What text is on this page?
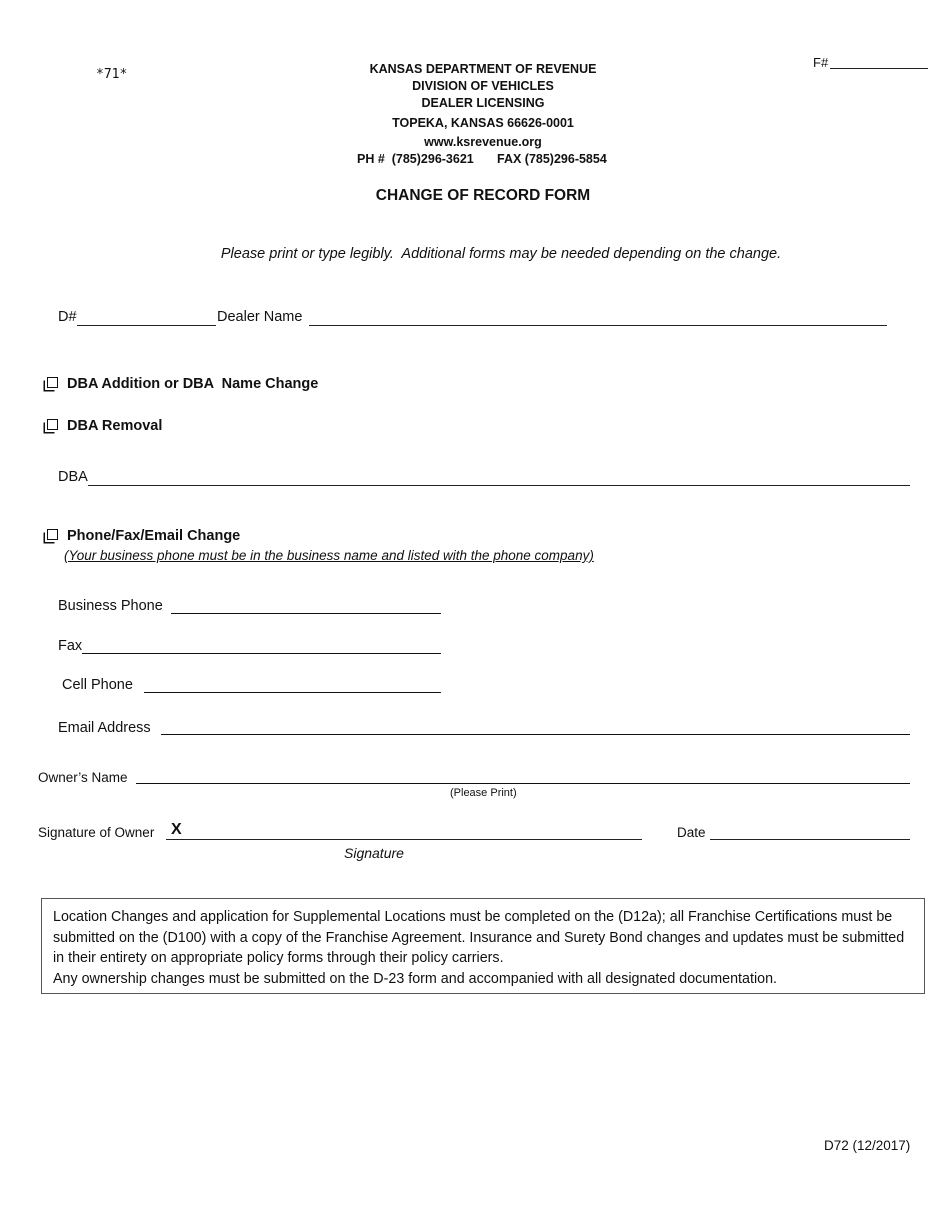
*71*
F#
KANSAS DEPARTMENT OF REVENUE
DIVISION OF VEHICLES
DEALER LICENSING
TOPEKA, KANSAS 66626-0001
www.ksrevenue.org
PH #  (785)296-3621 FAX (785)296-5854
CHANGE OF RECORD FORM
Please print or type legibly.  Additional forms may be needed depending on the change.
D#	Dealer Name
DBA Addition or DBA  Name Change
DBA Removal
DBA
Phone/Fax/Email Change
(Your business phone must be in the business name and listed with the phone company)
Business Phone
Fax
Cell Phone
Email Address
Owner’s Name
(Please Print)
Signature of Owner X
Signature
Date

Location Changes and application for Supplemental Locations must be completed on the (D12a); all Franchise Certifications must be submitted on the (D100) with a copy of the Franchise Agreement. Insurance and Surety Bond changes and updates must be submitted in their entirety on appropriate policy forms through their policy carriers.

Any ownership changes must be submitted on the D-23 form and accompanied with all designated documentation.

D72 (12/2017)
